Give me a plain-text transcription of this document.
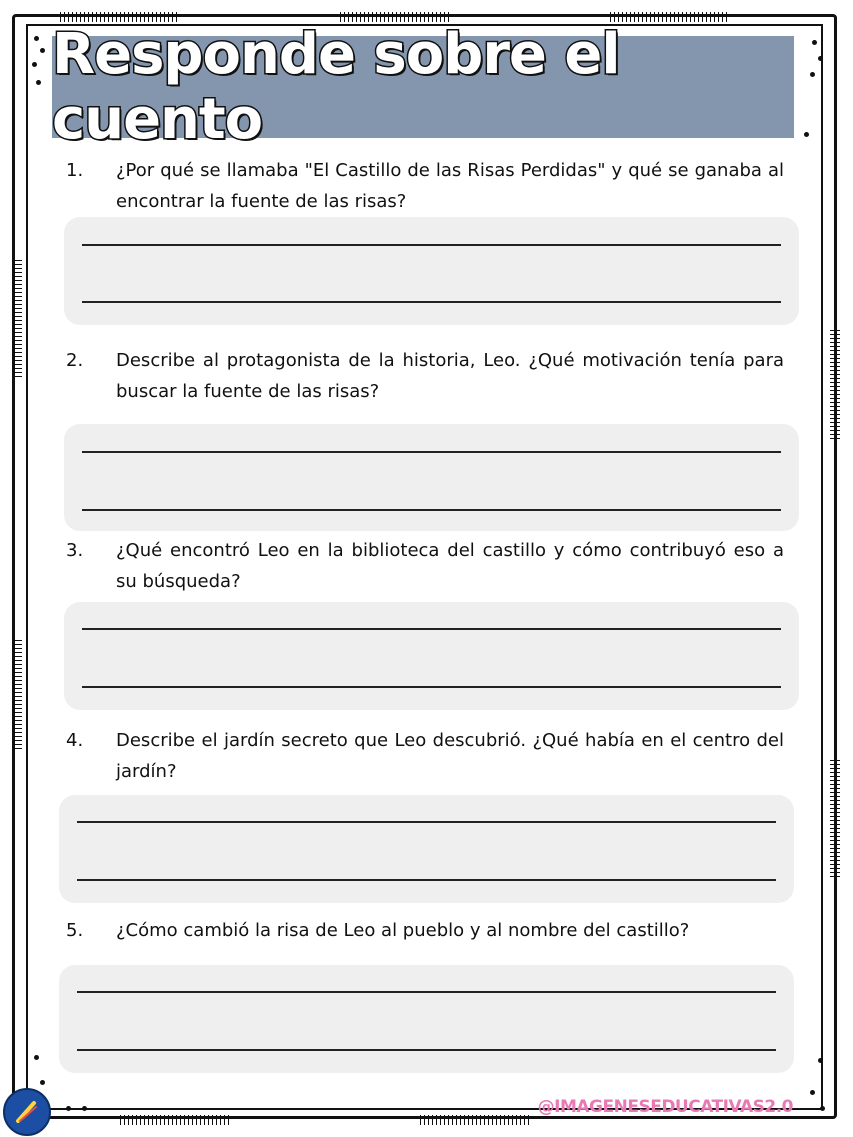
Responde sobre el cuento
1.	¿Por qué se llamaba "El Castillo de las Risas Perdidas" y qué se ganaba al encontrar la fuente de las risas?
2.	Describe al protagonista de la historia, Leo. ¿Qué motivación tenía para buscar la fuente de las risas?
3.	¿Qué encontró Leo en la biblioteca del castillo y cómo contribuyó eso a su búsqueda?
4.	Describe el jardín secreto que Leo descubrió. ¿Qué había en el centro del jardín?
5.	¿Cómo cambió la risa de Leo al pueblo y al nombre del castillo?
@IMAGENESEDUCATIVAS2.0
